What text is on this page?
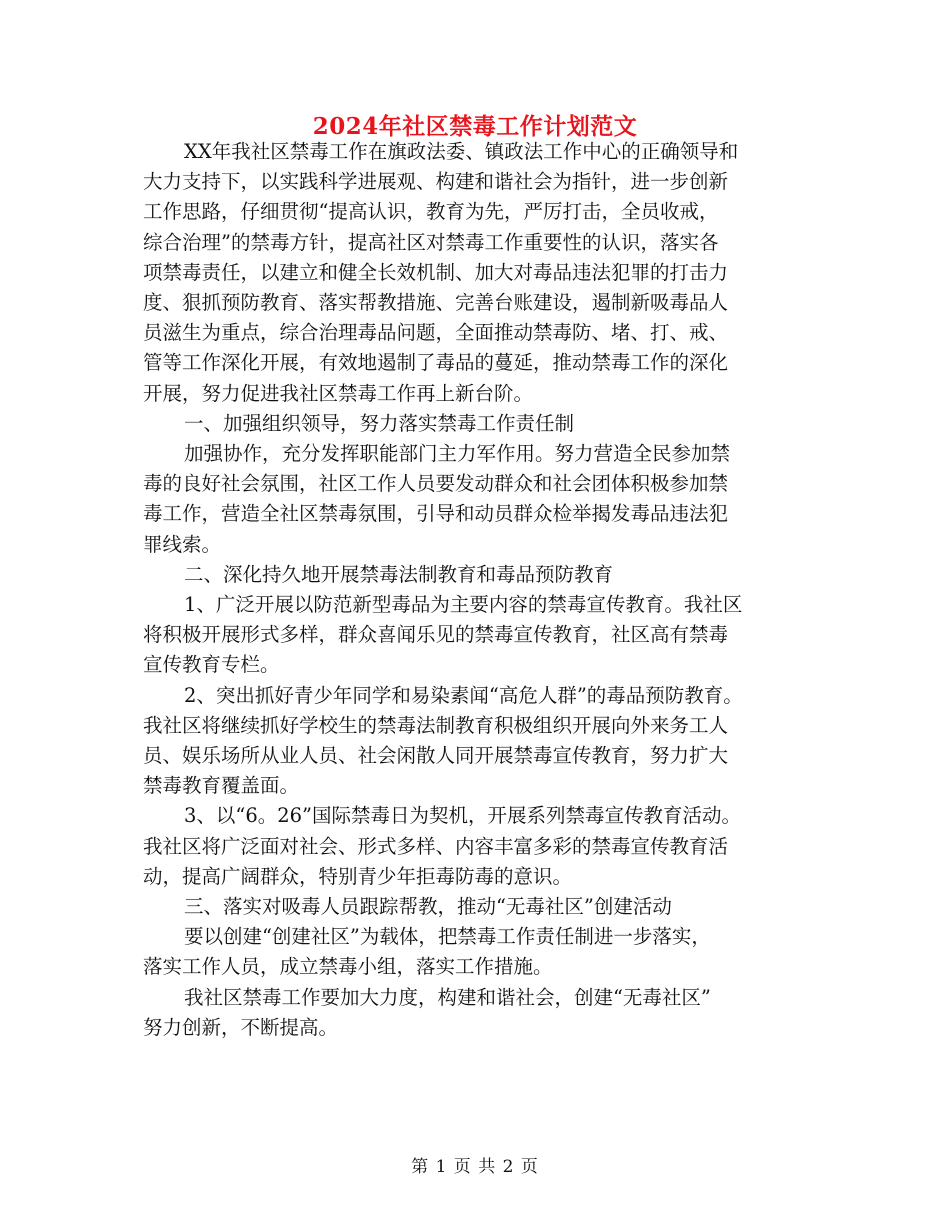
2024年社区禁毒工作计划范文

XX年我社区禁毒工作在旗政法委、镇政法工作中心的正确领导和
大力支持下，以实践科学进展观、构建和谐社会为指针，进一步创新
工作思路，仔细贯彻“提高认识，教育为先，严厉打击，全员收戒，
综合治理”的禁毒方针，提高社区对禁毒工作重要性的认识，落实各
项禁毒责任，以建立和健全长效机制、加大对毒品违法犯罪的打击力
度、狠抓预防教育、落实帮教措施、完善台账建设，遏制新吸毒品人
员滋生为重点，综合治理毒品问题，全面推动禁毒防、堵、打、戒、
管等工作深化开展，有效地遏制了毒品的蔓延，推动禁毒工作的深化
开展，努力促进我社区禁毒工作再上新台阶。

一、加强组织领导，努力落实禁毒工作责任制

加强协作，充分发挥职能部门主力军作用。努力营造全民参加禁
毒的良好社会氛围，社区工作人员要发动群众和社会团体积极参加禁
毒工作，营造全社区禁毒氛围，引导和动员群众检举揭发毒品违法犯
罪线索。

二、深化持久地开展禁毒法制教育和毒品预防教育

1、广泛开展以防范新型毒品为主要内容的禁毒宣传教育。我社区
将积极开展形式多样，群众喜闻乐见的禁毒宣传教育，社区高有禁毒
宣传教育专栏。

2、突出抓好青少年同学和易染素闻“高危人群”的毒品预防教育。
我社区将继续抓好学校生的禁毒法制教育积极组织开展向外来务工人
员、娱乐场所从业人员、社会闲散人同开展禁毒宣传教育，努力扩大
禁毒教育覆盖面。

3、以“6。26”国际禁毒日为契机，开展系列禁毒宣传教育活动。
我社区将广泛面对社会、形式多样、内容丰富多彩的禁毒宣传教育活
动，提高广阔群众，特别青少年拒毒防毒的意识。

三、落实对吸毒人员跟踪帮教，推动“无毒社区”创建活动

要以创建“创建社区”为载体，把禁毒工作责任制进一步落实，
落实工作人员，成立禁毒小组，落实工作措施。

我社区禁毒工作要加大力度，构建和谐社会，创建“无毒社区”
努力创新，不断提高。

第 1 页 共 2 页
